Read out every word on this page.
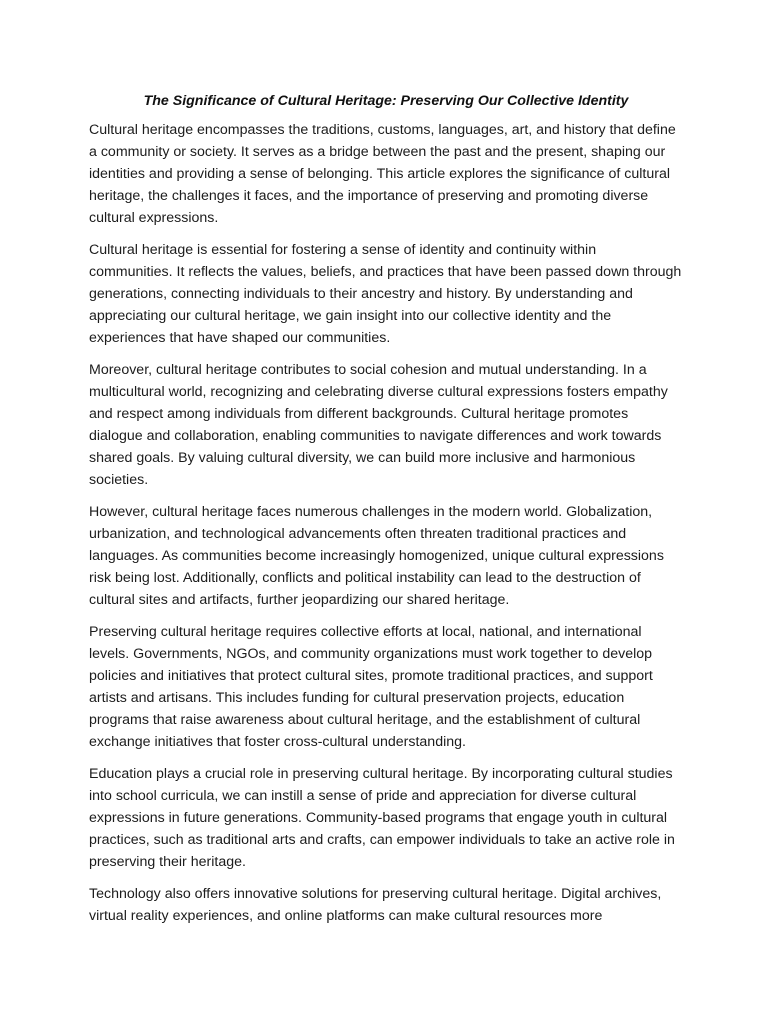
The Significance of Cultural Heritage: Preserving Our Collective Identity

Cultural heritage encompasses the traditions, customs, languages, art, and history that define a community or society. It serves as a bridge between the past and the present, shaping our identities and providing a sense of belonging. This article explores the significance of cultural heritage, the challenges it faces, and the importance of preserving and promoting diverse cultural expressions.

Cultural heritage is essential for fostering a sense of identity and continuity within communities. It reflects the values, beliefs, and practices that have been passed down through generations, connecting individuals to their ancestry and history. By understanding and appreciating our cultural heritage, we gain insight into our collective identity and the experiences that have shaped our communities.

Moreover, cultural heritage contributes to social cohesion and mutual understanding. In a multicultural world, recognizing and celebrating diverse cultural expressions fosters empathy and respect among individuals from different backgrounds. Cultural heritage promotes dialogue and collaboration, enabling communities to navigate differences and work towards shared goals. By valuing cultural diversity, we can build more inclusive and harmonious societies.

However, cultural heritage faces numerous challenges in the modern world. Globalization, urbanization, and technological advancements often threaten traditional practices and languages. As communities become increasingly homogenized, unique cultural expressions risk being lost. Additionally, conflicts and political instability can lead to the destruction of cultural sites and artifacts, further jeopardizing our shared heritage.

Preserving cultural heritage requires collective efforts at local, national, and international levels. Governments, NGOs, and community organizations must work together to develop policies and initiatives that protect cultural sites, promote traditional practices, and support artists and artisans. This includes funding for cultural preservation projects, education programs that raise awareness about cultural heritage, and the establishment of cultural exchange initiatives that foster cross-cultural understanding.

Education plays a crucial role in preserving cultural heritage. By incorporating cultural studies into school curricula, we can instill a sense of pride and appreciation for diverse cultural expressions in future generations. Community-based programs that engage youth in cultural practices, such as traditional arts and crafts, can empower individuals to take an active role in preserving their heritage.

Technology also offers innovative solutions for preserving cultural heritage. Digital archives, virtual reality experiences, and online platforms can make cultural resources more
